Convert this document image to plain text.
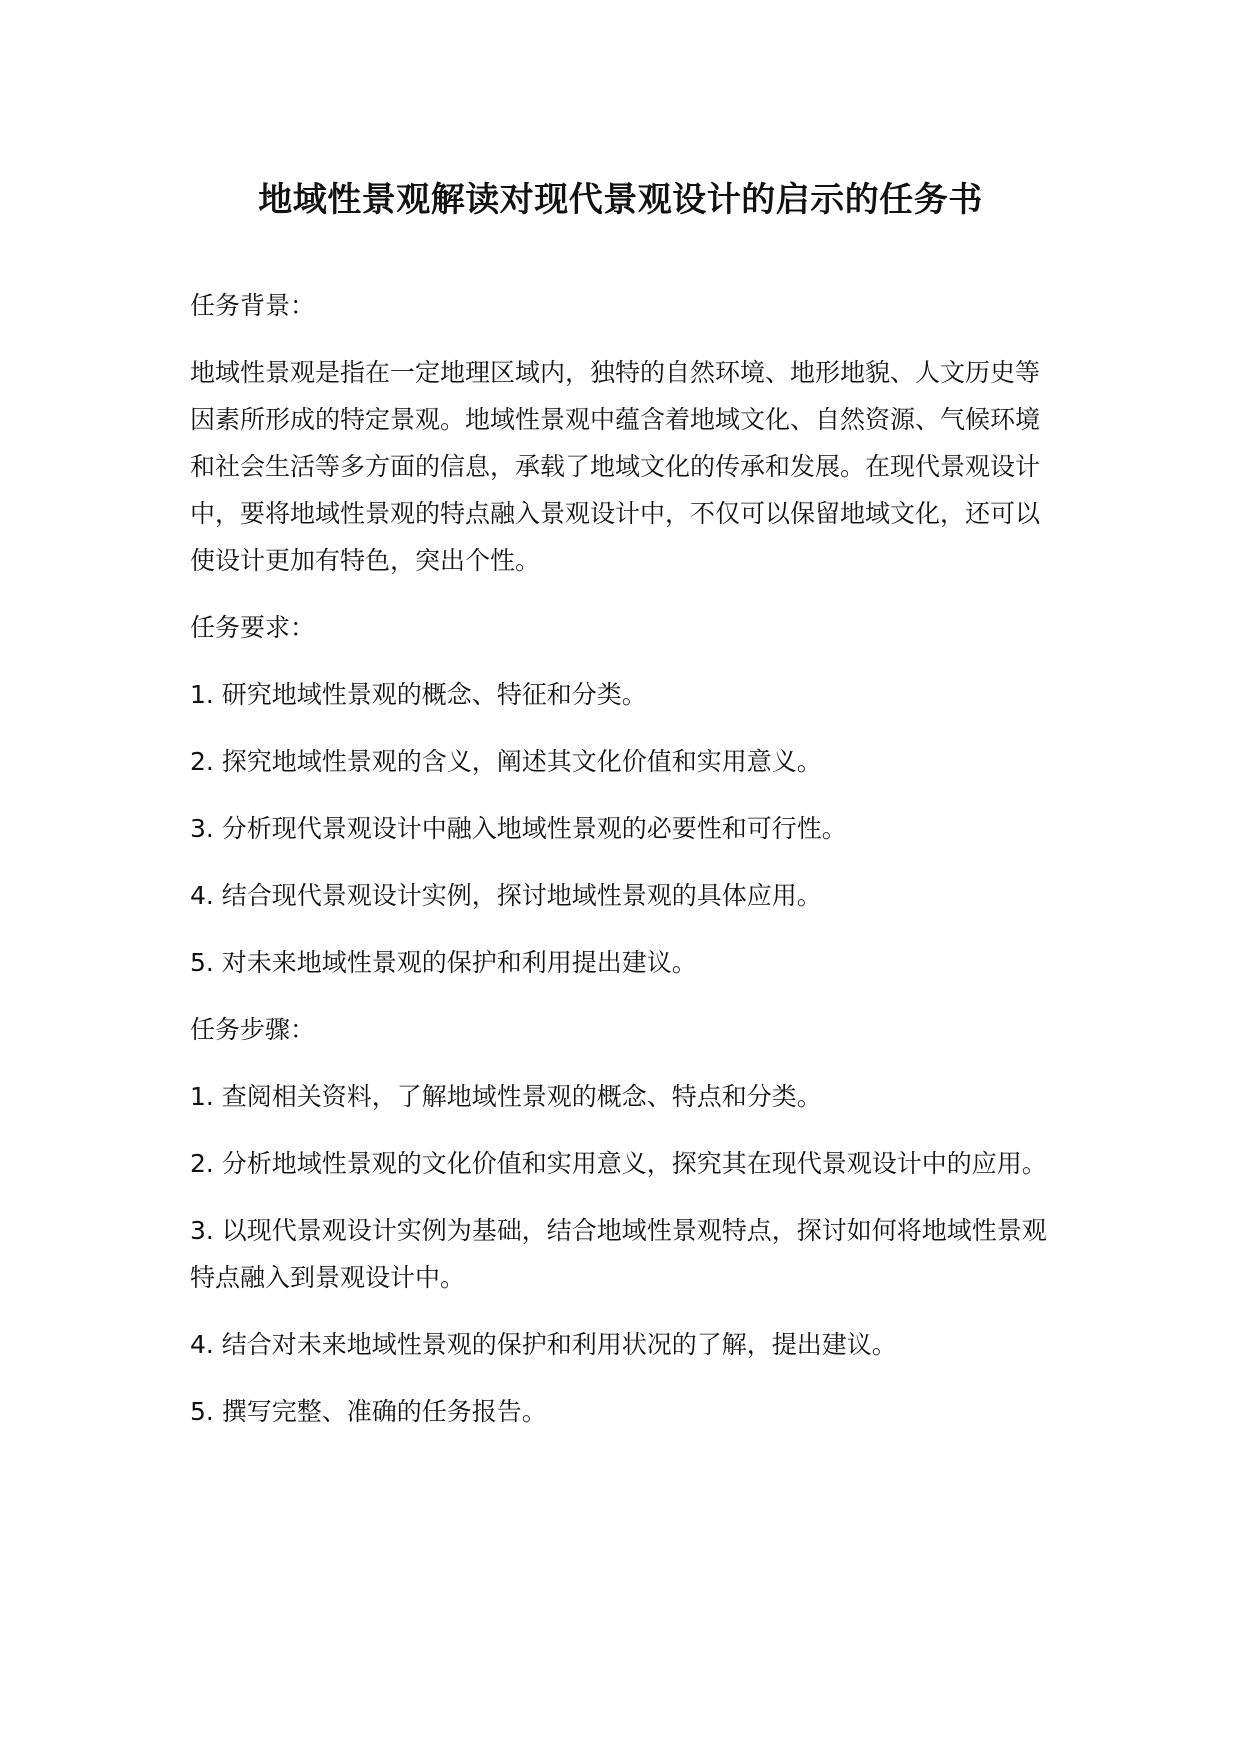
地域性景观解读对现代景观设计的启示的任务书

任务背景：

地域性景观是指在一定地理区域内，独特的自然环境、地形地貌、人文历史等因素所形成的特定景观。地域性景观中蕴含着地域文化、自然资源、气候环境和社会生活等多方面的信息，承载了地域文化的传承和发展。在现代景观设计中，要将地域性景观的特点融入景观设计中，不仅可以保留地域文化，还可以使设计更加有特色，突出个性。

任务要求：

1. 研究地域性景观的概念、特征和分类。

2. 探究地域性景观的含义，阐述其文化价值和实用意义。

3. 分析现代景观设计中融入地域性景观的必要性和可行性。

4. 结合现代景观设计实例，探讨地域性景观的具体应用。

5. 对未来地域性景观的保护和利用提出建议。

任务步骤：

1. 查阅相关资料，了解地域性景观的概念、特点和分类。

2. 分析地域性景观的文化价值和实用意义，探究其在现代景观设计中的应用。

3. 以现代景观设计实例为基础，结合地域性景观特点，探讨如何将地域性景观特点融入到景观设计中。

4. 结合对未来地域性景观的保护和利用状况的了解，提出建议。

5. 撰写完整、准确的任务报告。
